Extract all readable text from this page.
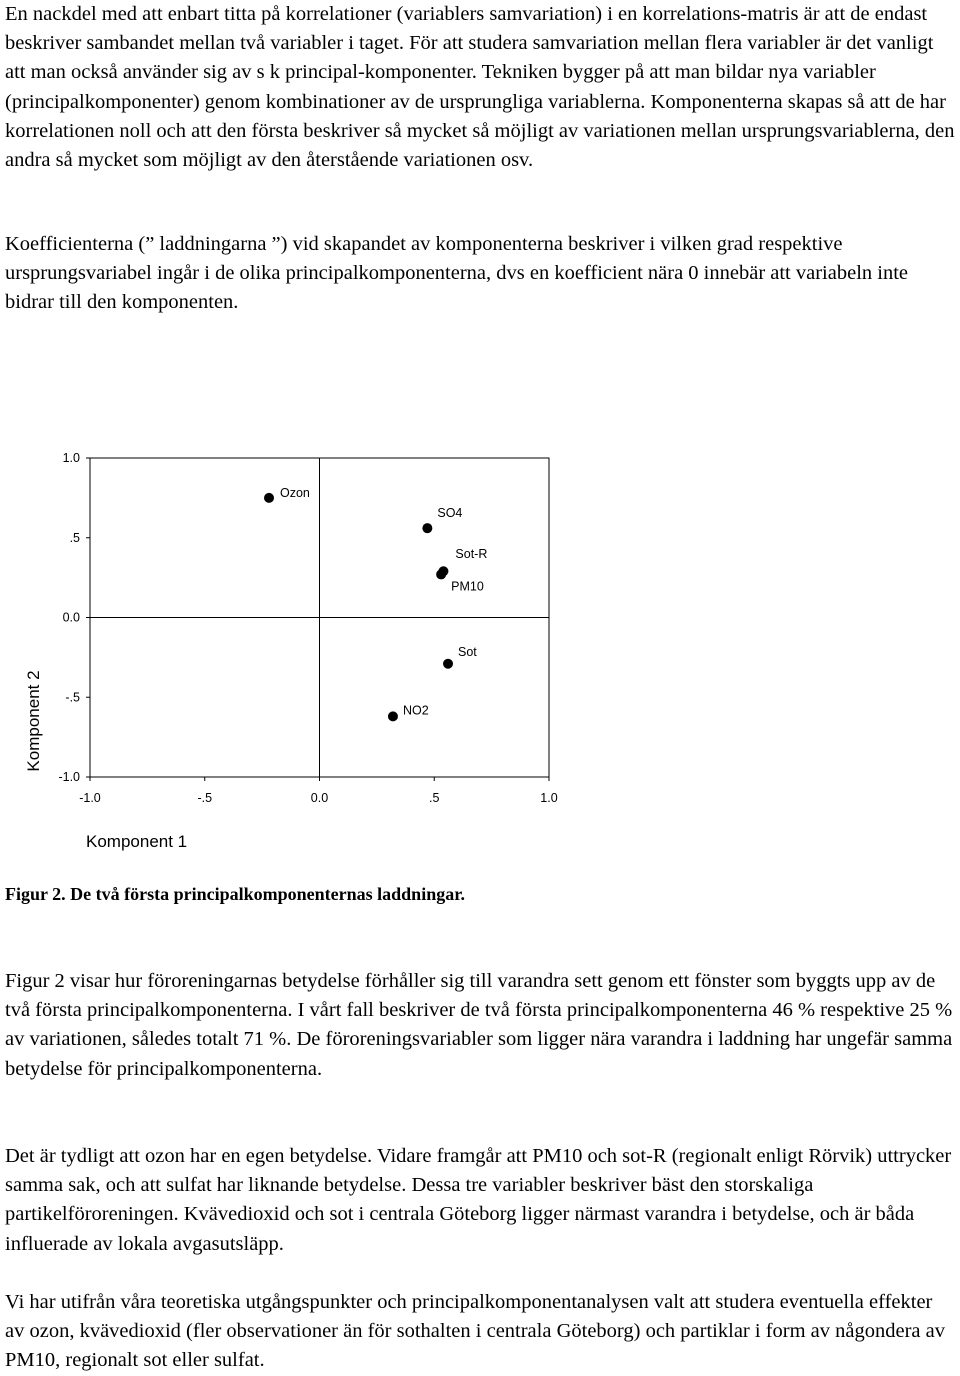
En nackdel med att enbart titta på korrelationer (variablers samvariation) i en korrelations-matris är att de endast beskriver sambandet mellan två variabler i taget. För att studera samvariation mellan flera variabler är det vanligt att man också använder sig av s k principal-komponenter. Tekniken bygger på att man bildar nya variabler (principalkomponenter) genom kombinationer av de ursprungliga variablerna. Komponenterna skapas så att de har korrelationen noll och att den första beskriver så mycket så möjligt av variationen mellan ursprungsvariablerna, den andra så mycket som möjligt av den återstående variationen osv.

Koefficienterna (” laddningarna ”) vid skapandet av komponenterna beskriver i vilken grad respektive ursprungsvariabel ingår i de olika principalkomponenterna, dvs en koefficient nära 0 innebär att variabeln inte bidrar till den komponenten.

1.0
.5
0.0
-.5
-1.0
-1.0	-.5	0.0	.5	1.0
Ozon
SO4
Sot-R
PM10
Sot
NO2
Komponent 2
Komponent 1

Figur 2. De två första principalkomponenternas laddningar.

Figur 2 visar hur föroreningarnas betydelse förhåller sig till varandra sett genom ett fönster som byggts upp av de två första principalkomponenterna. I vårt fall beskriver de två första principalkomponenterna 46 % respektive 25 % av variationen, således totalt 71 %. De föroreningsvariabler som ligger nära varandra i laddning har ungefär samma betydelse för principalkomponenterna.

Det är tydligt att ozon har en egen betydelse. Vidare framgår att PM10 och sot-R (regionalt enligt Rörvik) uttrycker samma sak, och att sulfat har liknande betydelse. Dessa tre variabler beskriver bäst den storskaliga partikelföroreningen. Kvävedioxid och sot i centrala Göteborg ligger närmast varandra i betydelse, och är båda influerade av lokala avgasutsläpp.

Vi har utifrån våra teoretiska utgångspunkter och principalkomponentanalysen valt att studera eventuella effekter av ozon, kvävedioxid (fler observationer än för sothalten i centrala Göteborg) och partiklar i form av någondera av PM10, regionalt sot eller sulfat.
